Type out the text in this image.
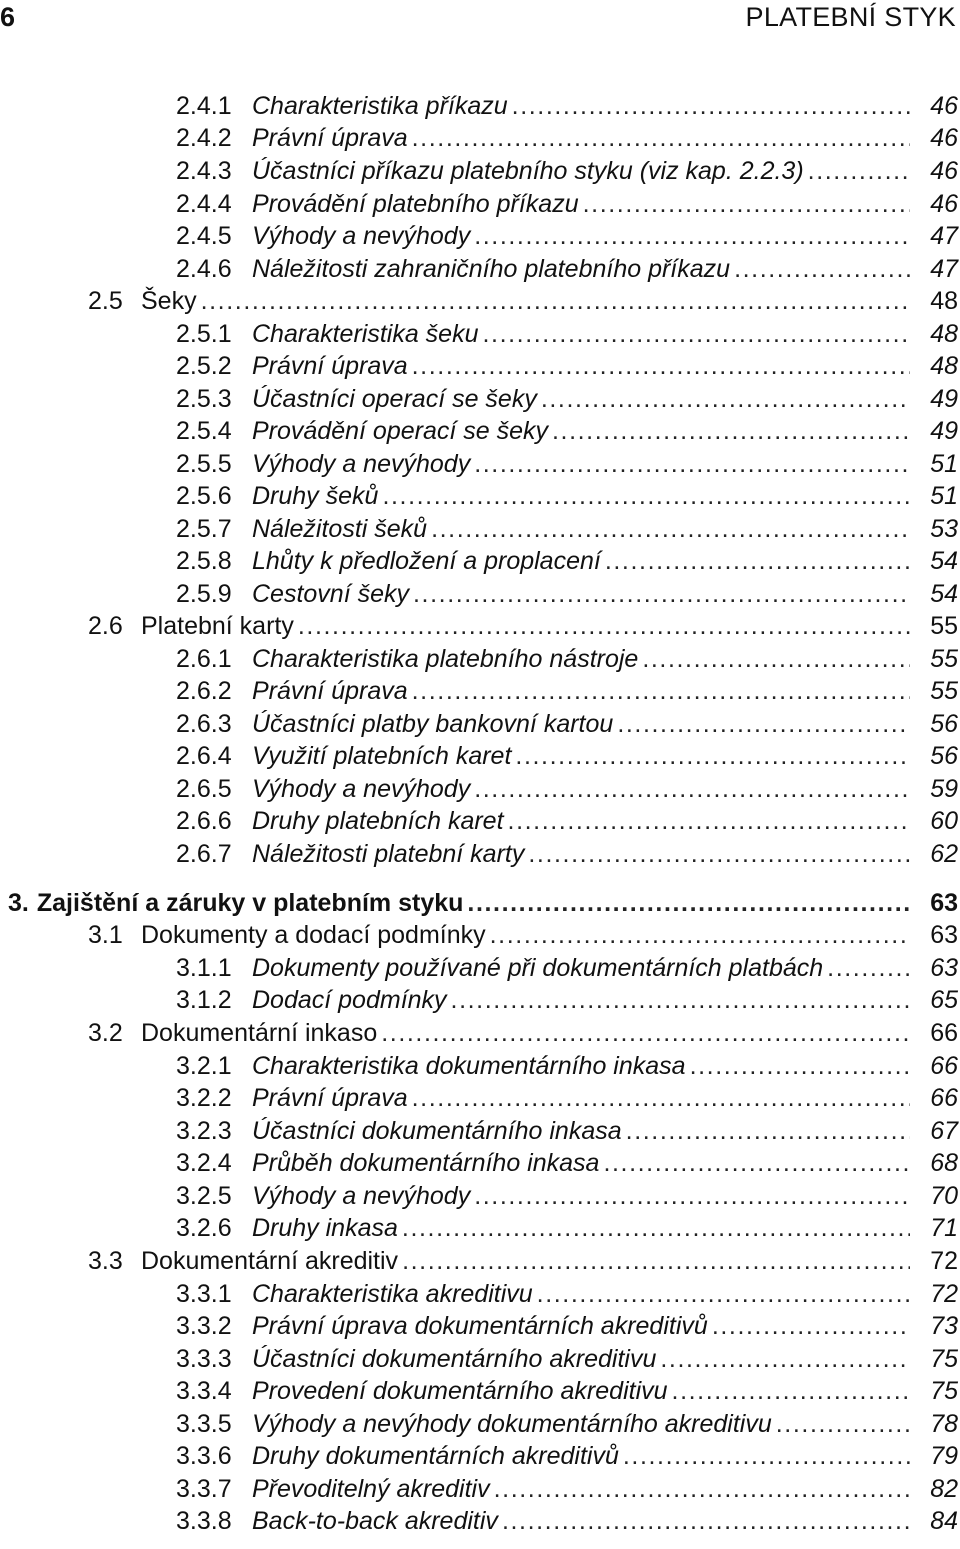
6	PLATEBNÍ STYK
2.4.1 Charakteristika příkazu .....	46
2.4.2 Právní úprava .....	46
2.4.3 Účastníci příkazu platebního styku (viz kap. 2.2.3) .....	46
2.4.4 Provádění platebního příkazu .....	46
2.4.5 Výhody a nevýhody .....	47
2.4.6 Náležitosti zahraničního platebního příkazu .....	47
2.5 Šeky .....	48
2.5.1 Charakteristika šeku .....	48
2.5.2 Právní úprava .....	48
2.5.3 Účastníci operací se šeky .....	49
2.5.4 Provádění operací se šeky .....	49
2.5.5 Výhody a nevýhody .....	51
2.5.6 Druhy šeků .....	51
2.5.7 Náležitosti šeků .....	53
2.5.8 Lhůty k předložení a proplacení .....	54
2.5.9 Cestovní šeky .....	54
2.6 Platební karty .....	55
2.6.1 Charakteristika platebního nástroje .....	55
2.6.2 Právní úprava .....	55
2.6.3 Účastníci platby bankovní kartou .....	56
2.6.4 Využití platebních karet .....	56
2.6.5 Výhody a nevýhody .....	59
2.6.6 Druhy platebních karet .....	60
2.6.7 Náležitosti platební karty .....	62
3. Zajištění a záruky v platebním styku .....	63
3.1 Dokumenty a dodací podmínky .....	63
3.1.1 Dokumenty používané při dokumentárních platbách .....	63
3.1.2 Dodací podmínky .....	65
3.2 Dokumentární inkaso .....	66
3.2.1 Charakteristika dokumentárního inkasa .....	66
3.2.2 Právní úprava .....	66
3.2.3 Účastníci dokumentárního inkasa .....	67
3.2.4 Průběh dokumentárního inkasa .....	68
3.2.5 Výhody a nevýhody .....	70
3.2.6 Druhy inkasa .....	71
3.3 Dokumentární akreditiv .....	72
3.3.1 Charakteristika akreditivu .....	72
3.3.2 Právní úprava dokumentárních akreditivů .....	73
3.3.3 Účastníci dokumentárního akreditivu .....	75
3.3.4 Provedení dokumentárního akreditivu .....	75
3.3.5 Výhody a nevýhody dokumentárního akreditivu .....	78
3.3.6 Druhy dokumentárních akreditivů .....	79
3.3.7 Převoditelný akreditiv .....	82
3.3.8 Back-to-back akreditiv .....	84
